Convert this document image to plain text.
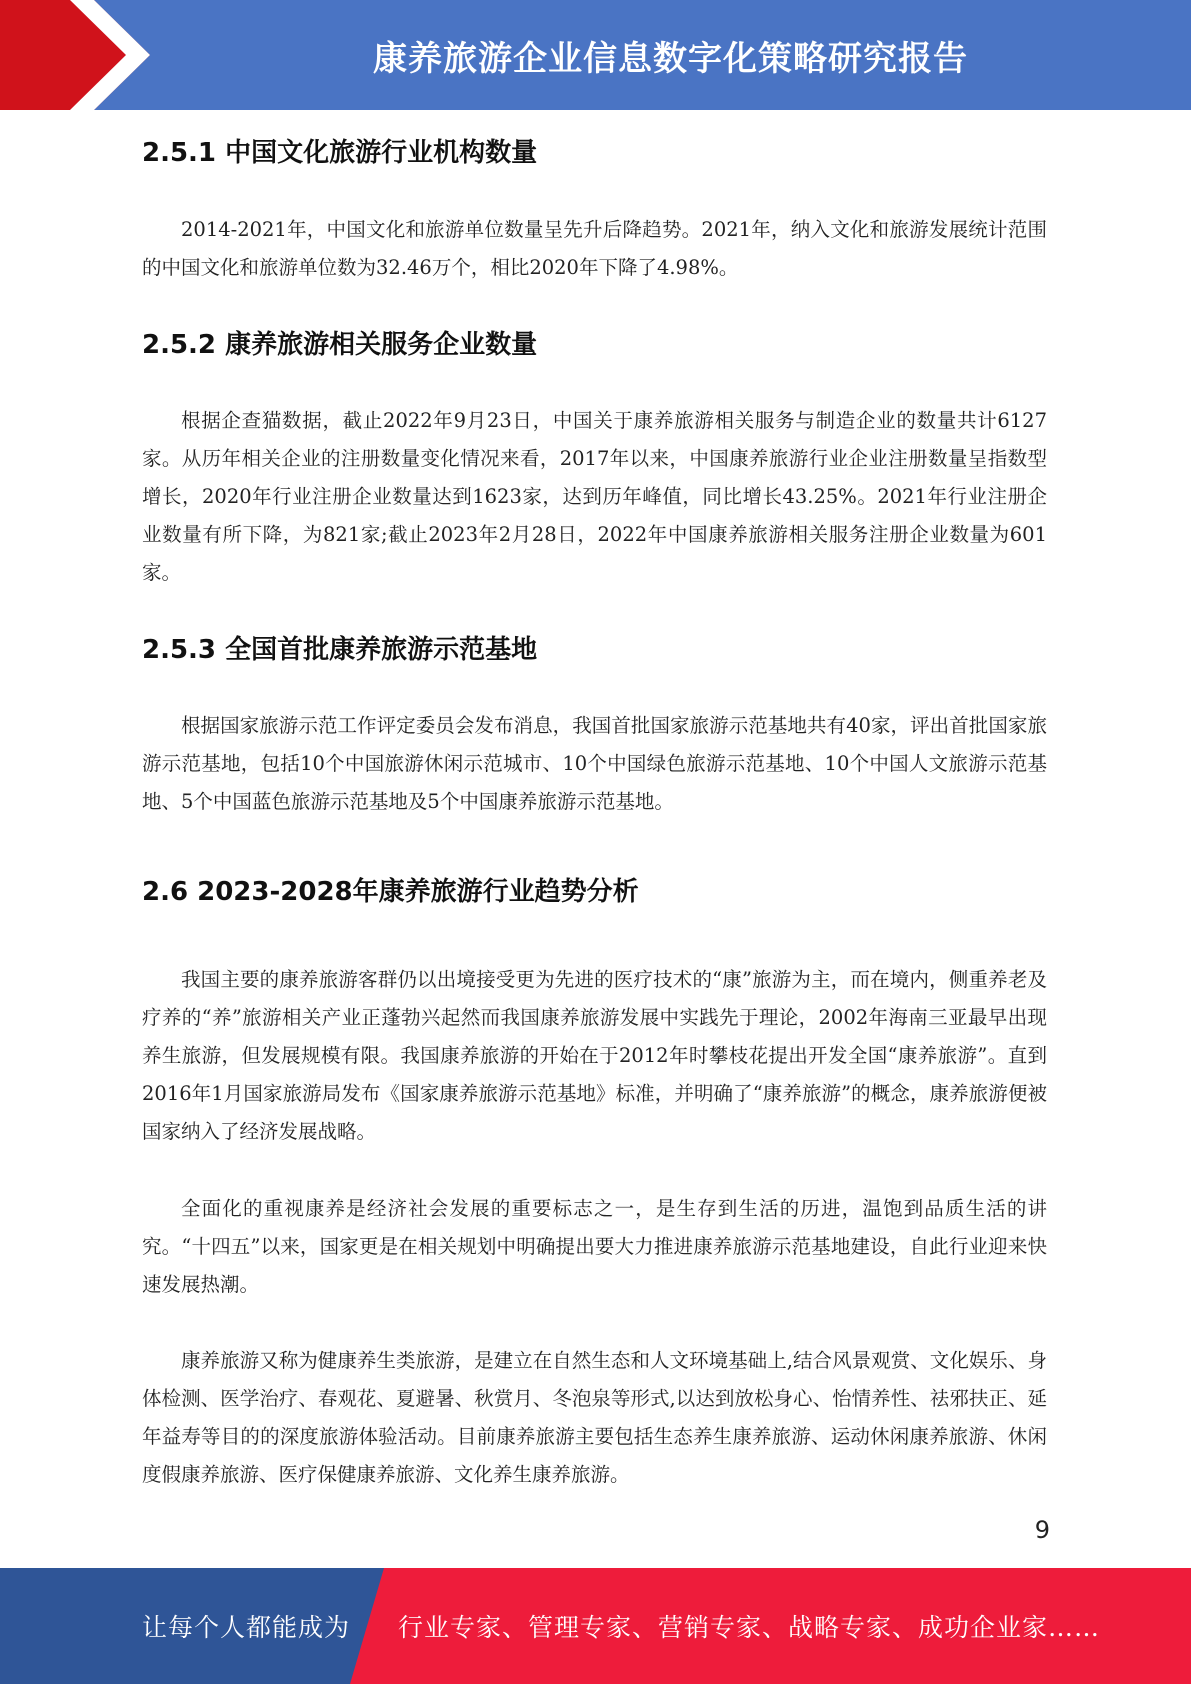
康养旅游企业信息数字化策略研究报告
2.5.1 中国文化旅游行业机构数量

2014-2021年，中国文化和旅游单位数量呈先升后降趋势。2021年，纳入文化和旅游发展统计范围的中国文化和旅游单位数为32.46万个，相比2020年下降了4.98%。

2.5.2 康养旅游相关服务企业数量

根据企查猫数据，截止2022年9月23日，中国关于康养旅游相关服务与制造企业的数量共计6127家。从历年相关企业的注册数量变化情况来看，2017年以来，中国康养旅游行业企业注册数量呈指数型增长，2020年行业注册企业数量达到1623家，达到历年峰值，同比增长43.25%。2021年行业注册企业数量有所下降，为821家;截止2023年2月28日，2022年中国康养旅游相关服务注册企业数量为601家。

2.5.3 全国首批康养旅游示范基地

根据国家旅游示范工作评定委员会发布消息，我国首批国家旅游示范基地共有40家，评出首批国家旅游示范基地，包括10个中国旅游休闲示范城市、10个中国绿色旅游示范基地、10个中国人文旅游示范基地、5个中国蓝色旅游示范基地及5个中国康养旅游示范基地。

2.6 2023-2028年康养旅游行业趋势分析

我国主要的康养旅游客群仍以出境接受更为先进的医疗技术的“康”旅游为主，而在境内，侧重养老及疗养的“养”旅游相关产业正蓬勃兴起然而我国康养旅游发展中实践先于理论，2002年海南三亚最早出现养生旅游，但发展规模有限。我国康养旅游的开始在于2012年时攀枝花提出开发全国“康养旅游”。直到2016年1月国家旅游局发布《国家康养旅游示范基地》标准，并明确了“康养旅游”的概念，康养旅游便被国家纳入了经济发展战略。

全面化的重视康养是经济社会发展的重要标志之一，是生存到生活的历进，温饱到品质生活的讲究。“十四五”以来，国家更是在相关规划中明确提出要大力推进康养旅游示范基地建设，自此行业迎来快速发展热潮。

康养旅游又称为健康养生类旅游，是建立在自然生态和人文环境基础上,结合风景观赏、文化娱乐、身体检测、医学治疗、春观花、夏避暑、秋赏月、冬泡泉等形式,以达到放松身心、怡情养性、祛邪扶正、延年益寿等目的的深度旅游体验活动。目前康养旅游主要包括生态养生康养旅游、运动休闲康养旅游、休闲度假康养旅游、医疗保健康养旅游、文化养生康养旅游。

9
让每个人都能成为 行业专家、管理专家、营销专家、战略专家、成功企业家……
